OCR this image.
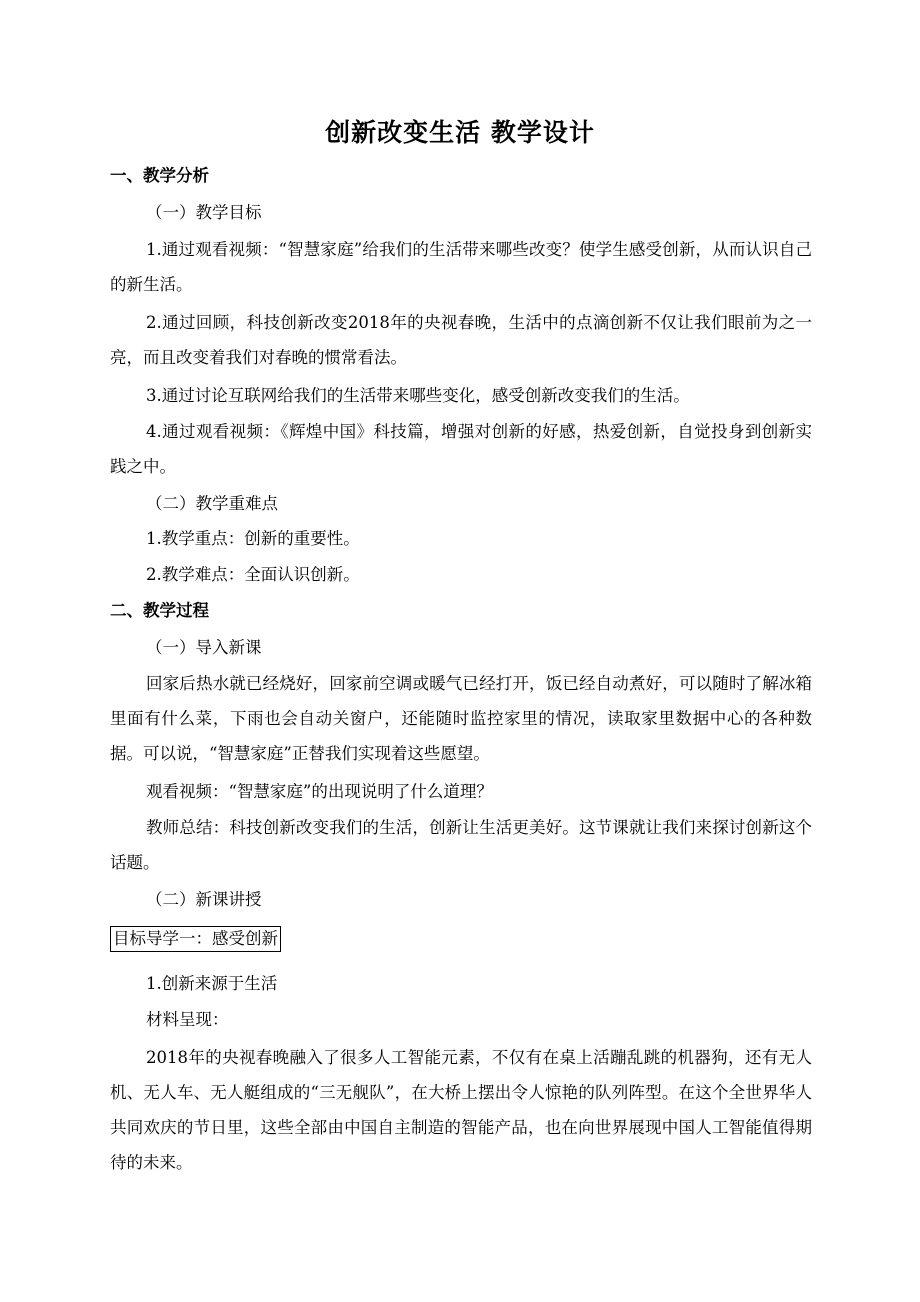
创新改变生活 教学设计

一、教学分析

（一）教学目标

1.通过观看视频：“智慧家庭”给我们的生活带来哪些改变？使学生感受创新，从而认识自己的新生活。

2.通过回顾，科技创新改变2018年的央视春晚，生活中的点滴创新不仅让我们眼前为之一亮，而且改变着我们对春晚的惯常看法。

3.通过讨论互联网给我们的生活带来哪些变化，感受创新改变我们的生活。

4.通过观看视频：《辉煌中国》科技篇，增强对创新的好感，热爱创新，自觉投身到创新实践之中。

（二）教学重难点

1.教学重点：创新的重要性。

2.教学难点：全面认识创新。

二、教学过程

（一）导入新课

回家后热水就已经烧好，回家前空调或暖气已经打开，饭已经自动煮好，可以随时了解冰箱里面有什么菜，下雨也会自动关窗户，还能随时监控家里的情况，读取家里数据中心的各种数据。可以说，“智慧家庭”正替我们实现着这些愿望。

观看视频：“智慧家庭”的出现说明了什么道理？

教师总结：科技创新改变我们的生活，创新让生活更美好。这节课就让我们来探讨创新这个话题。

（二）新课讲授

目标导学一：感受创新

1.创新来源于生活

材料呈现：

2018年的央视春晚融入了很多人工智能元素，不仅有在桌上活蹦乱跳的机器狗，还有无人机、无人车、无人艇组成的“三无舰队”，在大桥上摆出令人惊艳的队列阵型。在这个全世界华人共同欢庆的节日里，这些全部由中国自主制造的智能产品，也在向世界展现中国人工智能值得期待的未来。
